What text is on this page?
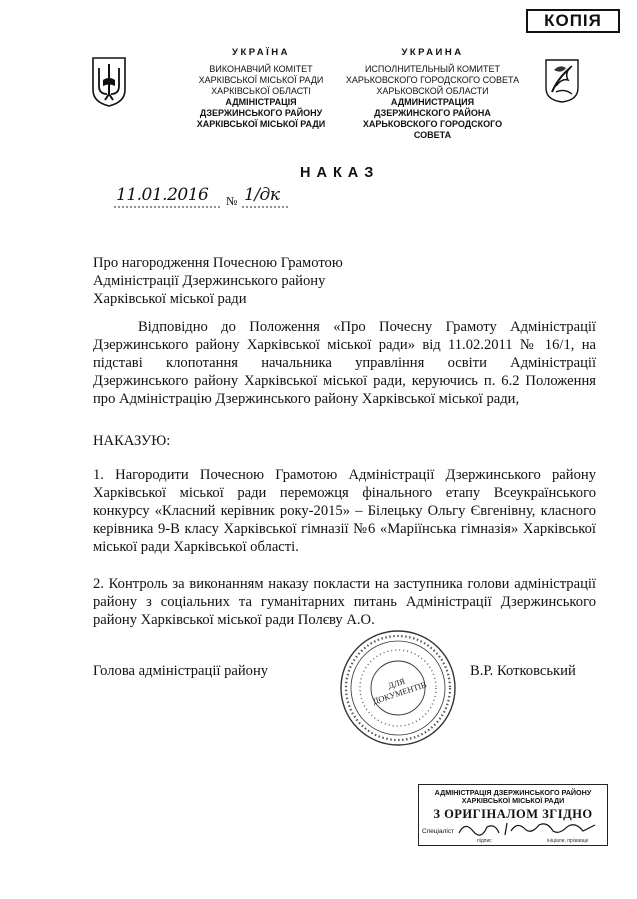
КОПІЯ
УКРАЇНА
ВИКОНАВЧИЙ КОМІТЕТ
ХАРКІВСЬКОЇ МІСЬКОЇ РАДИ
ХАРКІВСЬКОЇ ОБЛАСТІ
АДМІНІСТРАЦІЯ
ДЗЕРЖИНСЬКОГО РАЙОНУ
ХАРКІВСЬКОЇ МІСЬКОЇ РАДИ
УКРАИНА
ИСПОЛНИТЕЛЬНЫЙ КОМИТЕТ
ХАРЬКОВСКОГО ГОРОДСКОГО СОВЕТА
ХАРЬКОВСКОЙ ОБЛАСТИ
АДМИНИСТРАЦИЯ
ДЗЕРЖИНСКОГО РАЙОНА
ХАРЬКОВСКОГО ГОРОДСКОГО СОВЕТА
НАКАЗ
11.01.2016 № 1/дк
Про нагородження Почесною Грамотою
Адміністрації Дзержинського району
Харківської міської ради
Відповідно до Положення «Про Почесну Грамоту Адміністрації Дзержинського району Харківської міської ради» від 11.02.2011 № 16/1, на підставі клопотання начальника управління освіти Адміністрації Дзержинського району Харківської міської ради, керуючись п. 6.2 Положення про Адміністрацію Дзержинського району Харківської міської ради,
НАКАЗУЮ:
1. Нагородити Почесною Грамотою Адміністрації Дзержинського району Харківської міської ради переможця фінального етапу Всеукраїнського конкурсу «Класний керівник року-2015» – Білецьку Ольгу Євгенівну, класного керівника 9-В класу Харківської гімназії №6 «Маріїнська гімназія» Харківської міської ради Харківської області.
2. Контроль за виконанням наказу покласти на заступника голови адміністрації району з соціальних та гуманітарних питань Адміністрації Дзержинського району Харківської міської ради Полєву А.О.
Голова адміністрації району	В.Р. Котковський
ДЛЯ ДОКУМЕНТІВ
АДМІНІСТРАЦІЯ ДЗЕРЖИНСЬКОГО РАЙОНУ
ХАРКІВСЬКОЇ МІСЬКОЇ РАДИ
З ОРИГІНАЛОМ ЗГІДНО
Спеціаліст
підпис	ініціали, прізвище
